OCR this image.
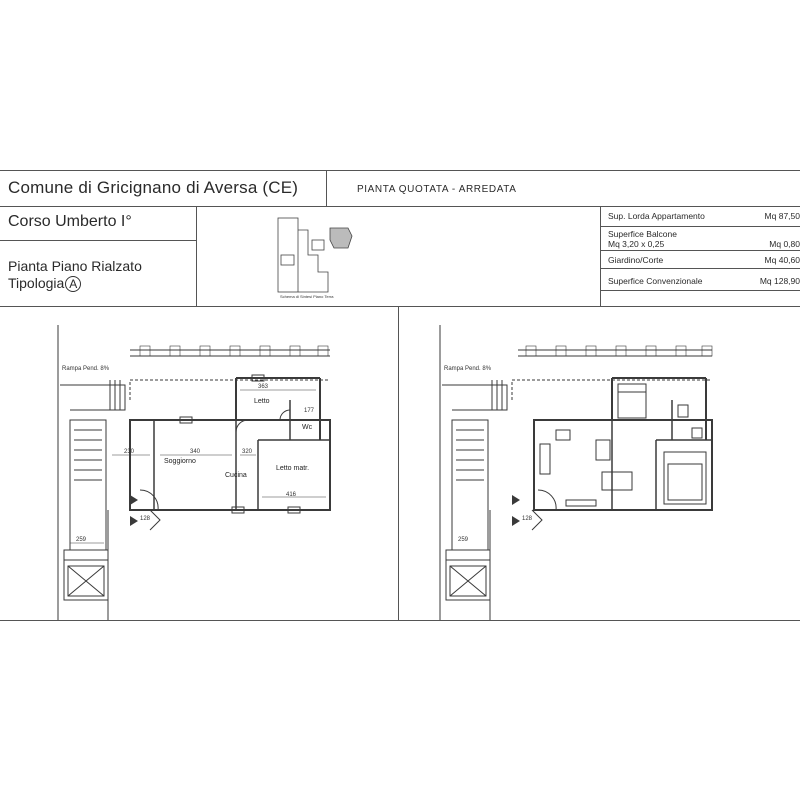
Comune di Gricignano di Aversa (CE)	PIANTA QUOTATA - ARREDATA
Corso Umberto I°
Pianta Piano Rialzato
Tipologia A
Sup. Lorda Appartamento	Mq 87,50
Superfice Balcone
Mq 3,20 x 0,25	Mq 0,80
Giardino/Corte	Mq 40,60
Superfice Convenzionale	Mq 128,90
Schema di Sintesi Piano Terra
Rampa Pend. 8%
Letto
Wc
Soggiorno
Cucina
Letto matr.
363
177
230	340	320
416
128
259
Rampa Pend. 8%
128
259
